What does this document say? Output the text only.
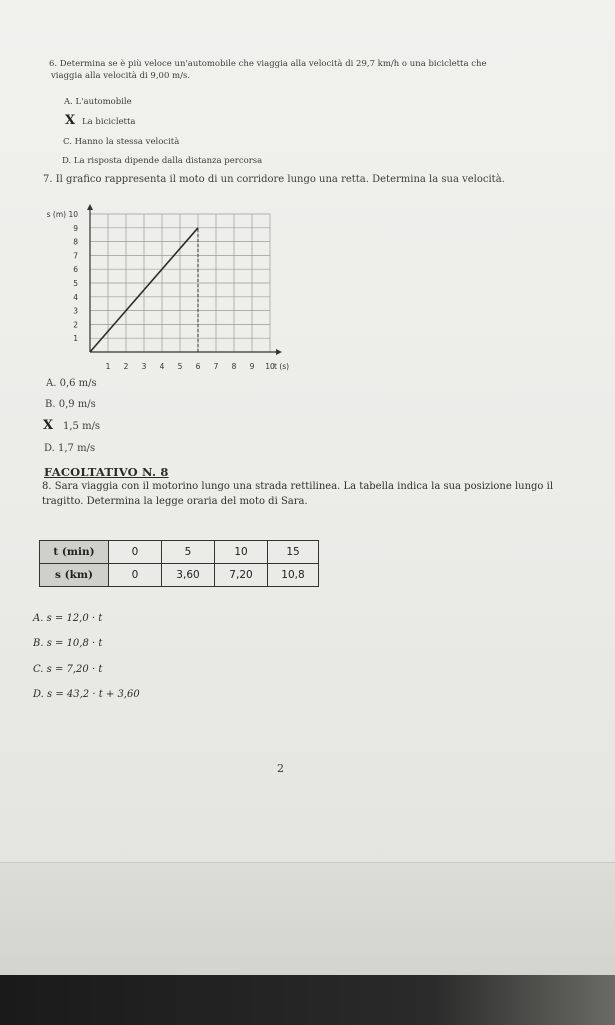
6. Determina se è più veloce un'automobile che viaggia alla velocità di 29,7 km/h o una bicicletta che
viaggia alla velocità di 9,00 m/s.
A. L'automobile
X La bicicletta
C. Hanno la stessa velocità
D. La risposta dipende dalla distanza percorsa
7. Il grafico rappresenta il moto di un corridore lungo una retta. Determina la sua velocità.
1 2 3 4 5 6 7 8 9 10
1
2
3
4
5
6
7
8
9
s (m) 10
t (s)
A. 0,6 m/s
B. 0,9 m/s
X 1,5 m/s
D. 1,7 m/s
FACOLTATIVO N. 8
8. Sara viaggia con il motorino lungo una strada rettilinea. La tabella indica la sua posizione lungo il
tragitto. Determina la legge oraria del moto di Sara.
t (min)	0	5	10	15
s (km)	0	3,60	7,20	10,8
A. s = 12,0 · t
B. s = 10,8 · t
C. s = 7,20 · t
D. s = 43,2 · t + 3,60
2
